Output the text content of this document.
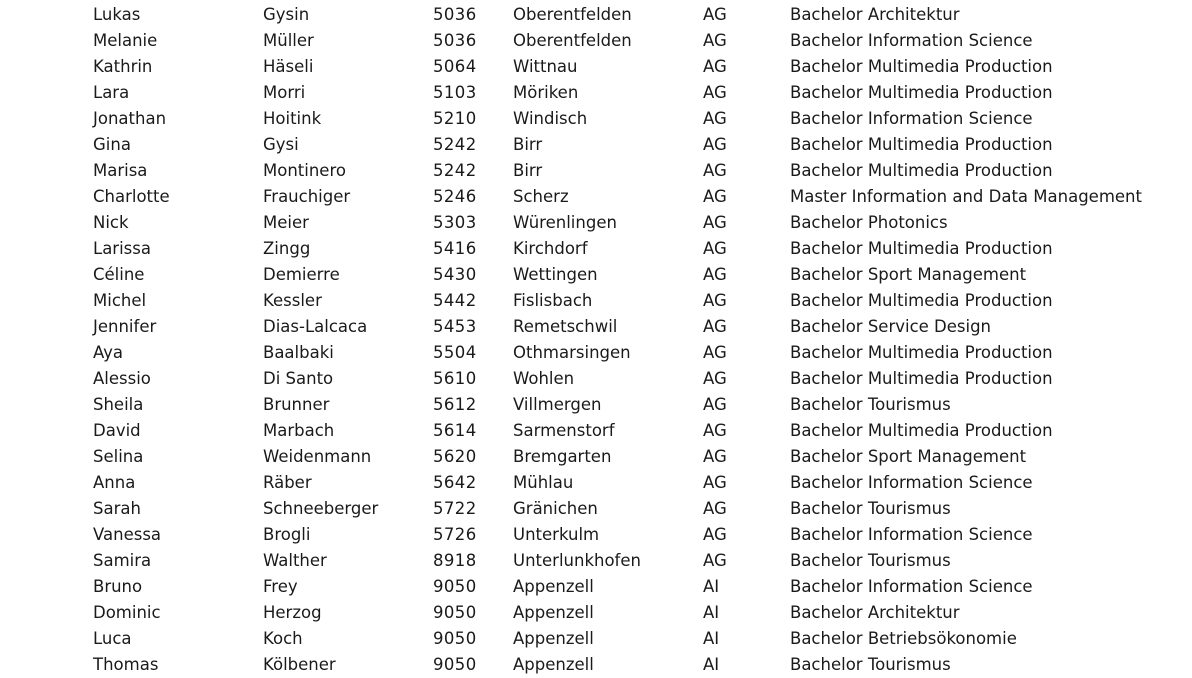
Lukas	Gysin	5036 Oberentfelden	AG	Bachelor Architektur
Melanie	Müller	5036 Oberentfelden	AG	Bachelor Information Science
Kathrin	Häseli	5064 Wittnau	AG	Bachelor Multimedia Production
Lara	Morri	5103 Möriken	AG	Bachelor Multimedia Production
Jonathan	Hoitink	5210 Windisch	AG	Bachelor Information Science
Gina	Gysi	5242 Birr	AG	Bachelor Multimedia Production
Marisa	Montinero	5242 Birr	AG	Bachelor Multimedia Production
Charlotte	Frauchiger	5246 Scherz	AG	Master Information and Data Management
Nick	Meier	5303 Würenlingen	AG	Bachelor Photonics
Larissa	Zingg	5416 Kirchdorf	AG	Bachelor Multimedia Production
Céline	Demierre	5430 Wettingen	AG	Bachelor Sport Management
Michel	Kessler	5442 Fislisbach	AG	Bachelor Multimedia Production
Jennifer	Dias-Lalcaca	5453 Remetschwil	AG	Bachelor Service Design
Aya	Baalbaki	5504 Othmarsingen	AG	Bachelor Multimedia Production
Alessio	Di Santo	5610 Wohlen	AG	Bachelor Multimedia Production
Sheila	Brunner	5612 Villmergen	AG	Bachelor Tourismus
David	Marbach	5614 Sarmenstorf	AG	Bachelor Multimedia Production
Selina	Weidenmann	5620 Bremgarten	AG	Bachelor Sport Management
Anna	Räber	5642 Mühlau	AG	Bachelor Information Science
Sarah	Schneeberger	5722 Gränichen	AG	Bachelor Tourismus
Vanessa	Brogli	5726 Unterkulm	AG	Bachelor Information Science
Samira	Walther	8918 Unterlunkhofen	AG	Bachelor Tourismus
Bruno	Frey	9050 Appenzell	AI	Bachelor Information Science
Dominic	Herzog	9050 Appenzell	AI	Bachelor Architektur
Luca	Koch	9050 Appenzell	AI	Bachelor Betriebsökonomie
Thomas	Kölbener	9050 Appenzell	AI	Bachelor Tourismus
